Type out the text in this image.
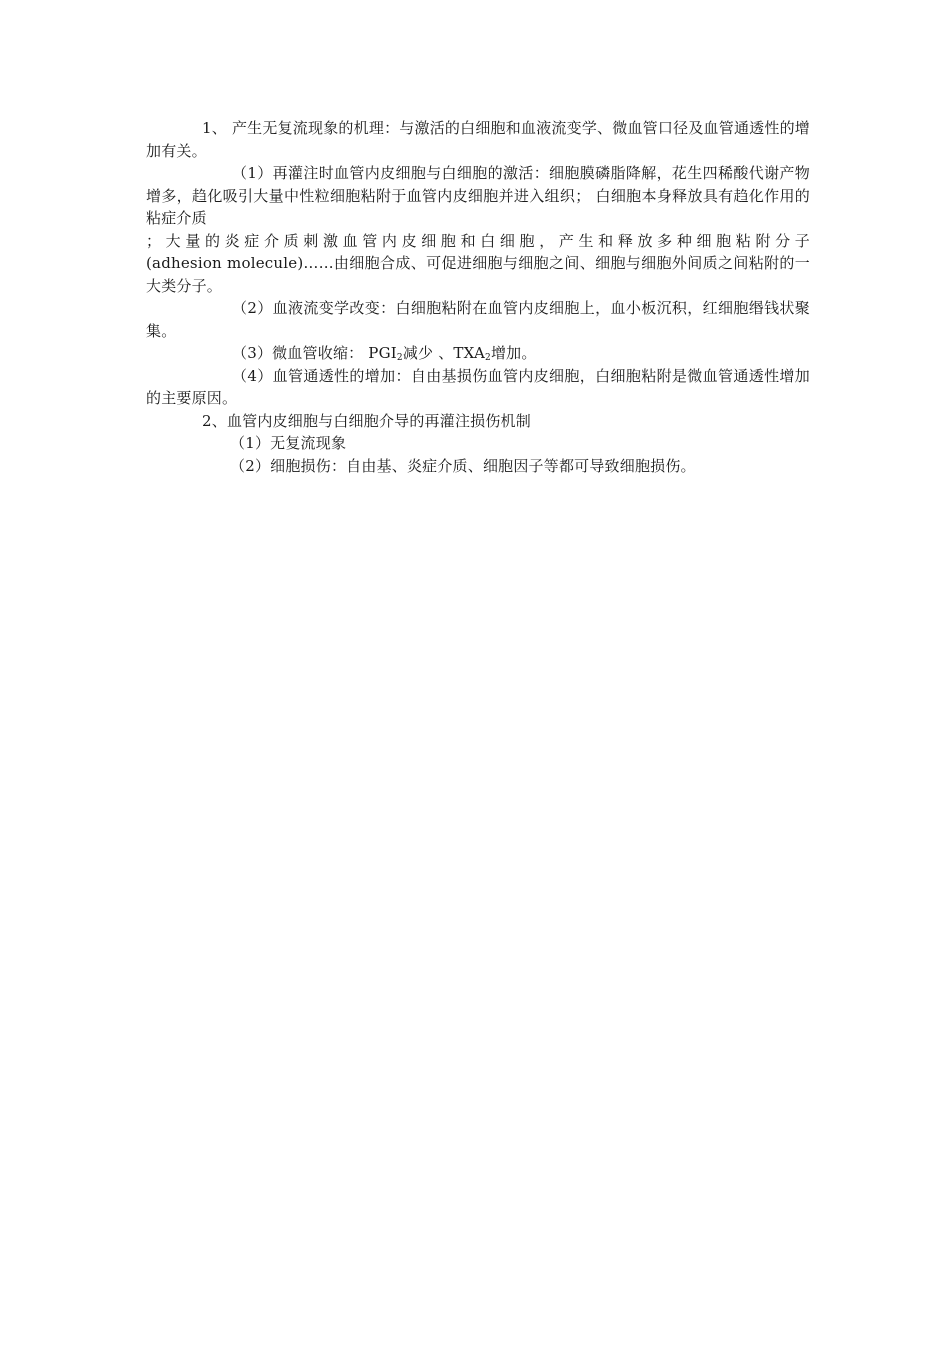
1、 产生无复流现象的机理：与激活的白细胞和血液流变学、微血管口径及血管通透性的增加有关。

（1）再灌注时血管内皮细胞与白细胞的激活：细胞膜磷脂降解，花生四稀酸代谢产物增多，趋化吸引大量中性粒细胞粘附于血管内皮细胞并进入组织； 白细胞本身释放具有趋化作用的粘症介质

；大量的炎症介质刺激血管内皮细胞和白细胞，产生和释放多种细胞粘附分子

(adhesion molecule)……由细胞合成、可促进细胞与细胞之间、细胞与细胞外间质之间粘附的一大类分子。

（2）血液流变学改变：白细胞粘附在血管内皮细胞上，血小板沉积，红细胞缗钱状聚集。

（3）微血管收缩： $PGI_2$减少 、$TXA_2$增加。

（4）血管通透性的增加：自由基损伤血管内皮细胞，白细胞粘附是微血管通透性增加的主要原因。

2、血管内皮细胞与白细胞介导的再灌注损伤机制

（1）无复流现象

（2）细胞损伤：自由基、炎症介质、细胞因子等都可导致细胞损伤。
